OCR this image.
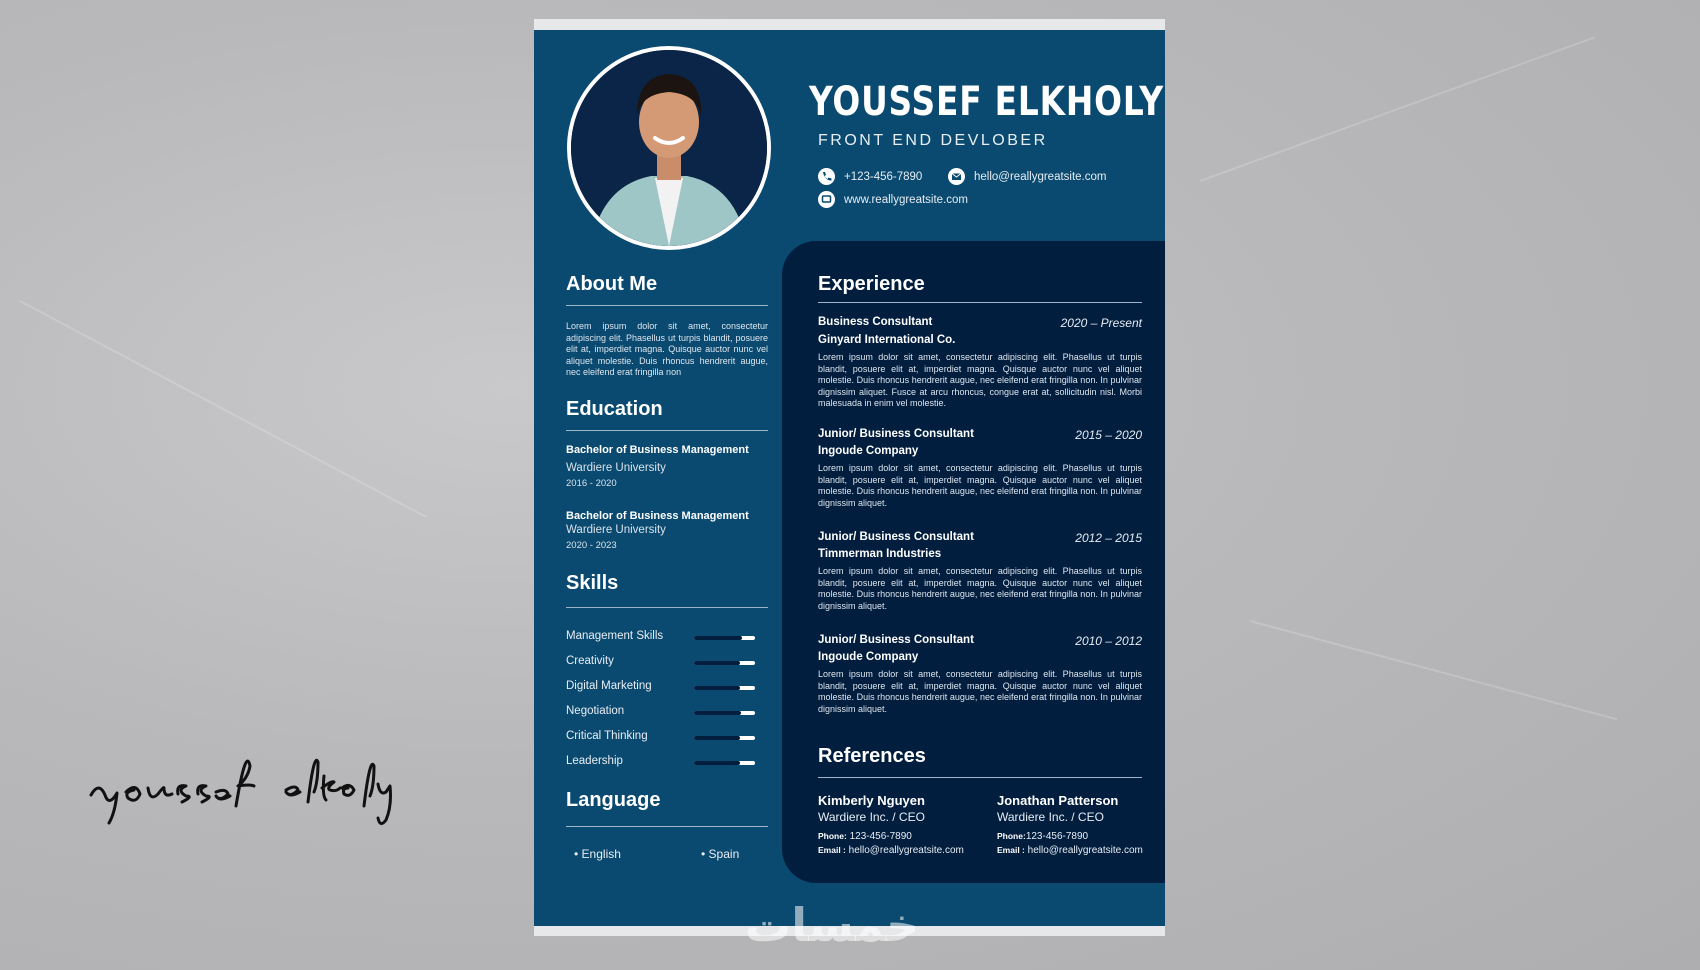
YOUSSEF ELKHOLY
FRONT END DEVLOBER
+123-456-7890	hello@reallygreatsite.com
www.reallygreatsite.com
About Me
Lorem ipsum dolor sit amet, consectetur adipiscing elit. Phasellus ut turpis blandit, posuere elit at, imperdiet magna. Quisque auctor nunc vel aliquet molestie. Duis rhoncus hendrerit augue, nec eleifend erat fringilla non
Education
Bachelor of Business Management
Wardiere University
2016 - 2020
Bachelor of Business Management
Wardiere University
2020 - 2023
Skills
Management Skills
Creativity
Digital Marketing
Negotiation
Critical Thinking
Leadership
Language
• English	• Spain
Experience
Business Consultant	2020 – Present
Ginyard International Co.
Lorem ipsum dolor sit amet, consectetur adipiscing elit. Phasellus ut turpis blandit, posuere elit at, imperdiet magna. Quisque auctor nunc vel aliquet molestie. Duis rhoncus hendrerit augue, nec eleifend erat fringilla non. In pulvinar dignissim aliquet. Fusce at arcu rhoncus, congue erat at, sollicitudin nisl. Morbi malesuada in enim vel molestie.
Junior/ Business Consultant	2015 – 2020
Ingoude Company
Lorem ipsum dolor sit amet, consectetur adipiscing elit. Phasellus ut turpis blandit, posuere elit at, imperdiet magna. Quisque auctor nunc vel aliquet molestie. Duis rhoncus hendrerit augue, nec eleifend erat fringilla non. In pulvinar dignissim aliquet.
Junior/ Business Consultant	2012 – 2015
Timmerman Industries
Lorem ipsum dolor sit amet, consectetur adipiscing elit. Phasellus ut turpis blandit, posuere elit at, imperdiet magna. Quisque auctor nunc vel aliquet molestie. Duis rhoncus hendrerit augue, nec eleifend erat fringilla non. In pulvinar dignissim aliquet.
Junior/ Business Consultant	2010 – 2012
Ingoude Company
Lorem ipsum dolor sit amet, consectetur adipiscing elit. Phasellus ut turpis blandit, posuere elit at, imperdiet magna. Quisque auctor nunc vel aliquet molestie. Duis rhoncus hendrerit augue, nec eleifend erat fringilla non. In pulvinar dignissim aliquet.
References
Kimberly Nguyen
Wardiere Inc. / CEO
Phone: 123-456-7890
Email : hello@reallygreatsite.com
Jonathan Patterson
Wardiere Inc. / CEO
Phone:123-456-7890
Email : hello@reallygreatsite.com
خمسات
